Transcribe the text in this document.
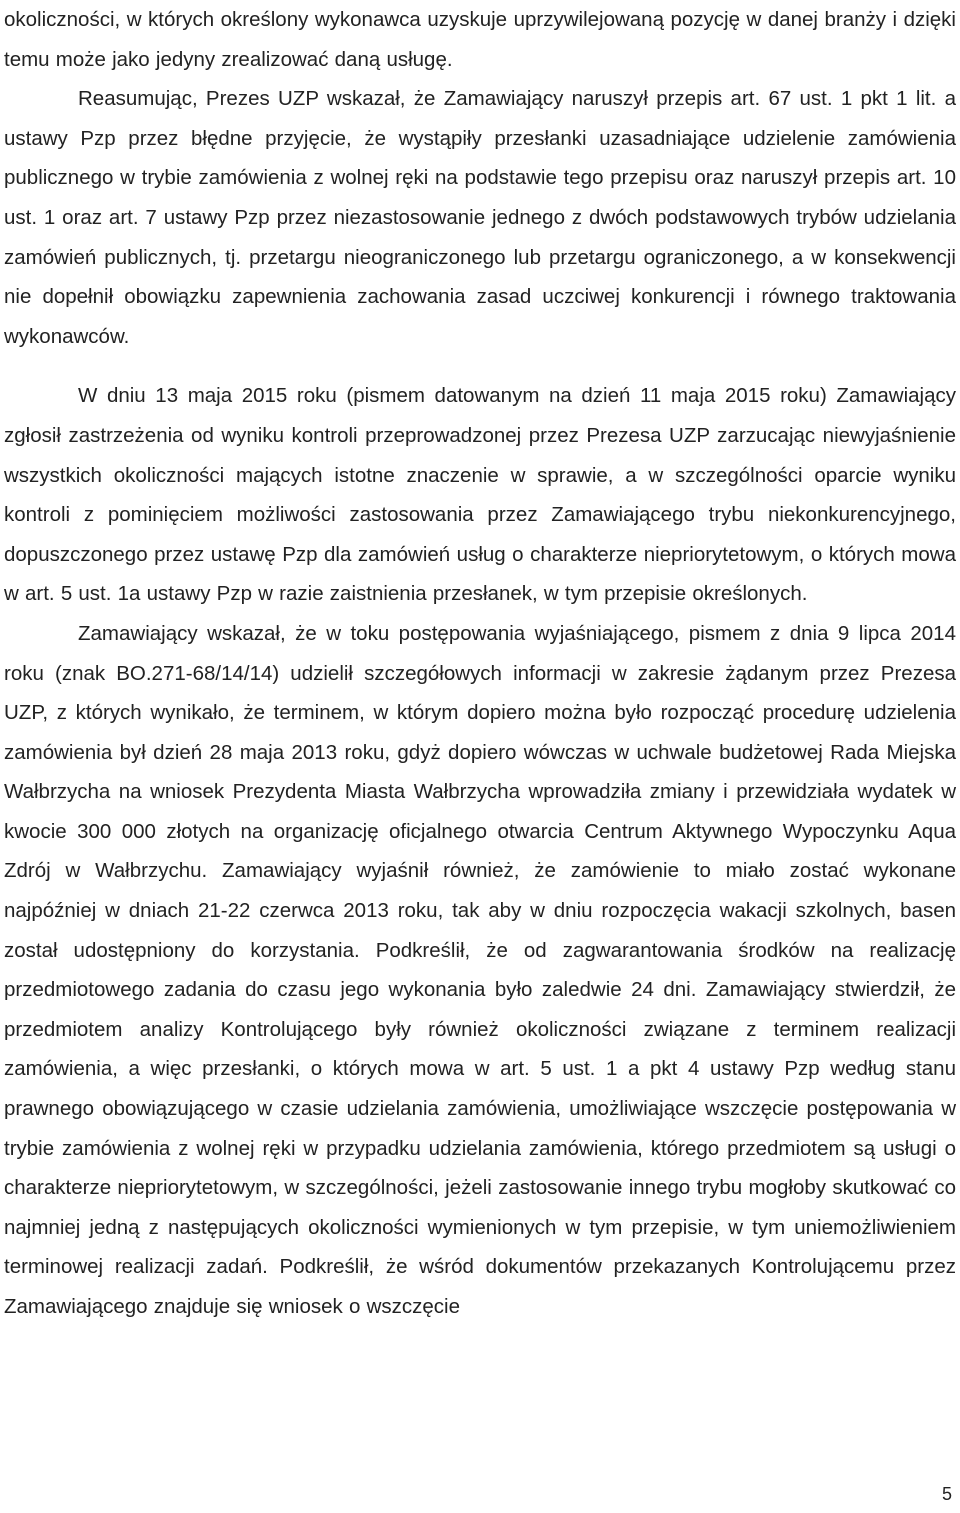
okoliczności, w których określony wykonawca uzyskuje uprzywilejowaną pozycję w danej branży i dzięki temu może jako jedyny zrealizować daną usługę.

Reasumując, Prezes UZP wskazał, że Zamawiający naruszył przepis art. 67 ust. 1 pkt 1 lit. a ustawy Pzp przez błędne przyjęcie, że wystąpiły przesłanki uzasadniające udzielenie zamówienia publicznego w trybie zamówienia z wolnej ręki na podstawie tego przepisu oraz naruszył przepis art. 10 ust. 1 oraz art. 7 ustawy Pzp przez niezastosowanie jednego z dwóch podstawowych trybów udzielania zamówień publicznych, tj. przetargu nieograniczonego lub przetargu ograniczonego, a w konsekwencji nie dopełnił obowiązku zapewnienia zachowania zasad uczciwej konkurencji i równego traktowania wykonawców.

W dniu 13 maja 2015 roku (pismem datowanym na dzień 11 maja 2015 roku) Zamawiający zgłosił zastrzeżenia od wyniku kontroli przeprowadzonej przez Prezesa UZP zarzucając niewyjaśnienie wszystkich okoliczności mających istotne znaczenie w sprawie, a w szczególności oparcie wyniku kontroli z pominięciem możliwości zastosowania przez Zamawiającego trybu niekonkurencyjnego, dopuszczonego przez ustawę Pzp dla zamówień usług o charakterze niepriorytetowym, o których mowa w art. 5 ust. 1a ustawy Pzp w razie zaistnienia przesłanek, w tym przepisie określonych.

Zamawiający wskazał, że w toku postępowania wyjaśniającego, pismem z dnia 9 lipca 2014 roku (znak BO.271-68/14/14) udzielił szczegółowych informacji w zakresie żądanym przez Prezesa UZP, z których wynikało, że terminem, w którym dopiero można było rozpocząć procedurę udzielenia zamówienia był dzień 28 maja 2013 roku, gdyż dopiero wówczas w uchwale budżetowej Rada Miejska Wałbrzycha na wniosek Prezydenta Miasta Wałbrzycha wprowadziła zmiany i przewidziała wydatek w kwocie 300 000 złotych na organizację oficjalnego otwarcia Centrum Aktywnego Wypoczynku Aqua Zdrój w Wałbrzychu. Zamawiający wyjaśnił również, że zamówienie to miało zostać wykonane najpóźniej w dniach 21-22 czerwca 2013 roku, tak aby w dniu rozpoczęcia wakacji szkolnych, basen został udostępniony do korzystania. Podkreślił, że od zagwarantowania środków na realizację przedmiotowego zadania do czasu jego wykonania było zaledwie 24 dni. Zamawiający stwierdził, że przedmiotem analizy Kontrolującego były również okoliczności związane z terminem realizacji zamówienia, a więc przesłanki, o których mowa w art. 5 ust. 1 a pkt 4 ustawy Pzp według stanu prawnego obowiązującego w czasie udzielania zamówienia, umożliwiające wszczęcie postępowania w trybie zamówienia z wolnej ręki w przypadku udzielania zamówienia, którego przedmiotem są usługi o charakterze niepriorytetowym, w szczególności, jeżeli zastosowanie innego trybu mogłoby skutkować co najmniej jedną z następujących okoliczności wymienionych w tym przepisie, w tym uniemożliwieniem terminowej realizacji zadań. Podkreślił, że wśród dokumentów przekazanych Kontrolującemu przez Zamawiającego znajduje się wniosek o wszczęcie

5
